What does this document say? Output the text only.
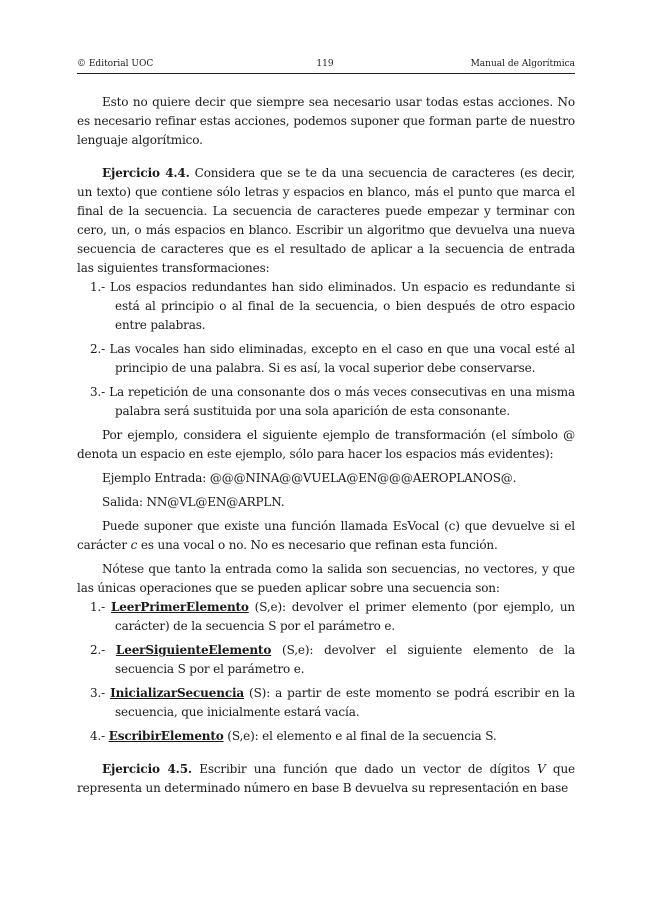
© Editorial UOC	119	Manual de Algorítmica

Esto no quiere decir que siempre sea necesario usar todas estas acciones. No es necesario refinar estas acciones, podemos suponer que forman parte de nuestro lenguaje algorítmico.

Ejercicio 4.4. Considera que se te da una secuencia de caracteres (es decir, un texto) que contiene sólo letras y espacios en blanco, más el punto que marca el final de la secuencia. La secuencia de caracteres puede empezar y terminar con cero, un, o más espacios en blanco. Escribir un algoritmo que devuelva una nueva secuencia de caracteres que es el resultado de aplicar a la secuencia de entrada las siguientes transformaciones:

1.- Los espacios redundantes han sido eliminados. Un espacio es redundante si está al principio o al final de la secuencia, o bien después de otro espacio entre palabras.

2.- Las vocales han sido eliminadas, excepto en el caso en que una vocal esté al principio de una palabra. Si es así, la vocal superior debe conservarse.

3.- La repetición de una consonante dos o más veces consecutivas en una misma palabra será sustituida por una sola aparición de esta consonante.

Por ejemplo, considera el siguiente ejemplo de transformación (el símbolo @ denota un espacio en este ejemplo, sólo para hacer los espacios más evidentes):

Ejemplo Entrada: @@@NINA@@VUELA@EN@@@AEROPLANOS@.

Salida: NN@VL@EN@ARPLN.

Puede suponer que existe una función llamada EsVocal (c) que devuelve si el carácter c es una vocal o no. No es necesario que refinan esta función.

Nótese que tanto la entrada como la salida son secuencias, no vectores, y que las únicas operaciones que se pueden aplicar sobre una secuencia son:

1.- LeerPrimerElemento (S,e): devolver el primer elemento (por ejemplo, un carácter) de la secuencia S por el parámetro e.

2.- LeerSiguienteElemento (S,e): devolver el siguiente elemento de la secuencia S por el parámetro e.

3.- InicializarSecuencia (S): a partir de este momento se podrá escribir en la secuencia, que inicialmente estará vacía.

4.- EscribirElemento (S,e): el elemento e al final de la secuencia S.

Ejercicio 4.5. Escribir una función que dado un vector de dígitos V que representa un determinado número en base B devuelva su representación en base
